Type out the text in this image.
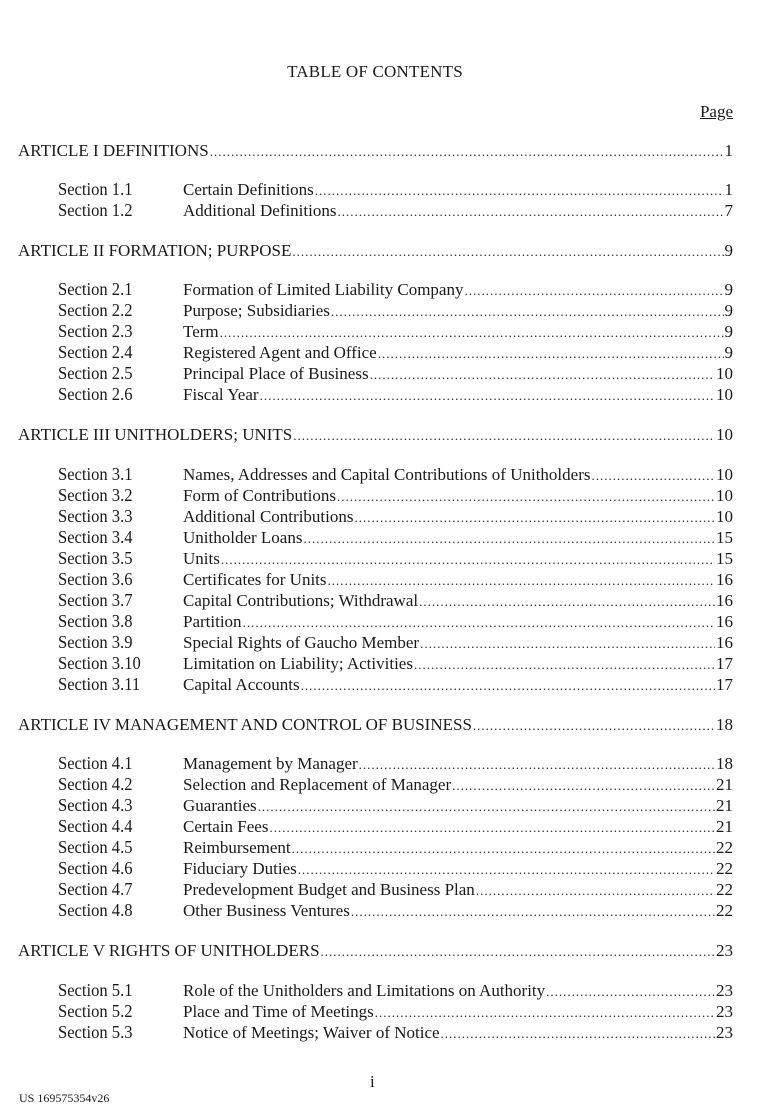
TABLE OF CONTENTS
Page
ARTICLE I DEFINITIONS .....	1
Section 1.1	Certain Definitions .....	1
Section 1.2	Additional Definitions .....	7
ARTICLE II FORMATION; PURPOSE .....	9
Section 2.1	Formation of Limited Liability Company .....	9
Section 2.2	Purpose; Subsidiaries .....	9
Section 2.3	Term .....	9
Section 2.4	Registered Agent and Office .....	9
Section 2.5	Principal Place of Business .....	10
Section 2.6	Fiscal Year .....	10
ARTICLE III UNITHOLDERS; UNITS .....	10
Section 3.1	Names, Addresses and Capital Contributions of Unitholders .....	10
Section 3.2	Form of Contributions .....	10
Section 3.3	Additional Contributions .....	10
Section 3.4	Unitholder Loans .....	15
Section 3.5	Units .....	15
Section 3.6	Certificates for Units .....	16
Section 3.7	Capital Contributions; Withdrawal .....	16
Section 3.8	Partition .....	16
Section 3.9	Special Rights of Gaucho Member .....	16
Section 3.10	Limitation on Liability; Activities .....	17
Section 3.11	Capital Accounts .....	17
ARTICLE IV MANAGEMENT AND CONTROL OF BUSINESS .....	18
Section 4.1	Management by Manager .....	18
Section 4.2	Selection and Replacement of Manager .....	21
Section 4.3	Guaranties .....	21
Section 4.4	Certain Fees .....	21
Section 4.5	Reimbursement .....	22
Section 4.6	Fiduciary Duties .....	22
Section 4.7	Predevelopment Budget and Business Plan .....	22
Section 4.8	Other Business Ventures .....	22
ARTICLE V RIGHTS OF UNITHOLDERS .....	23
Section 5.1	Role of the Unitholders and Limitations on Authority .....	23
Section 5.2	Place and Time of Meetings .....	23
Section 5.3	Notice of Meetings; Waiver of Notice .....	23
i
US 169575354v26
